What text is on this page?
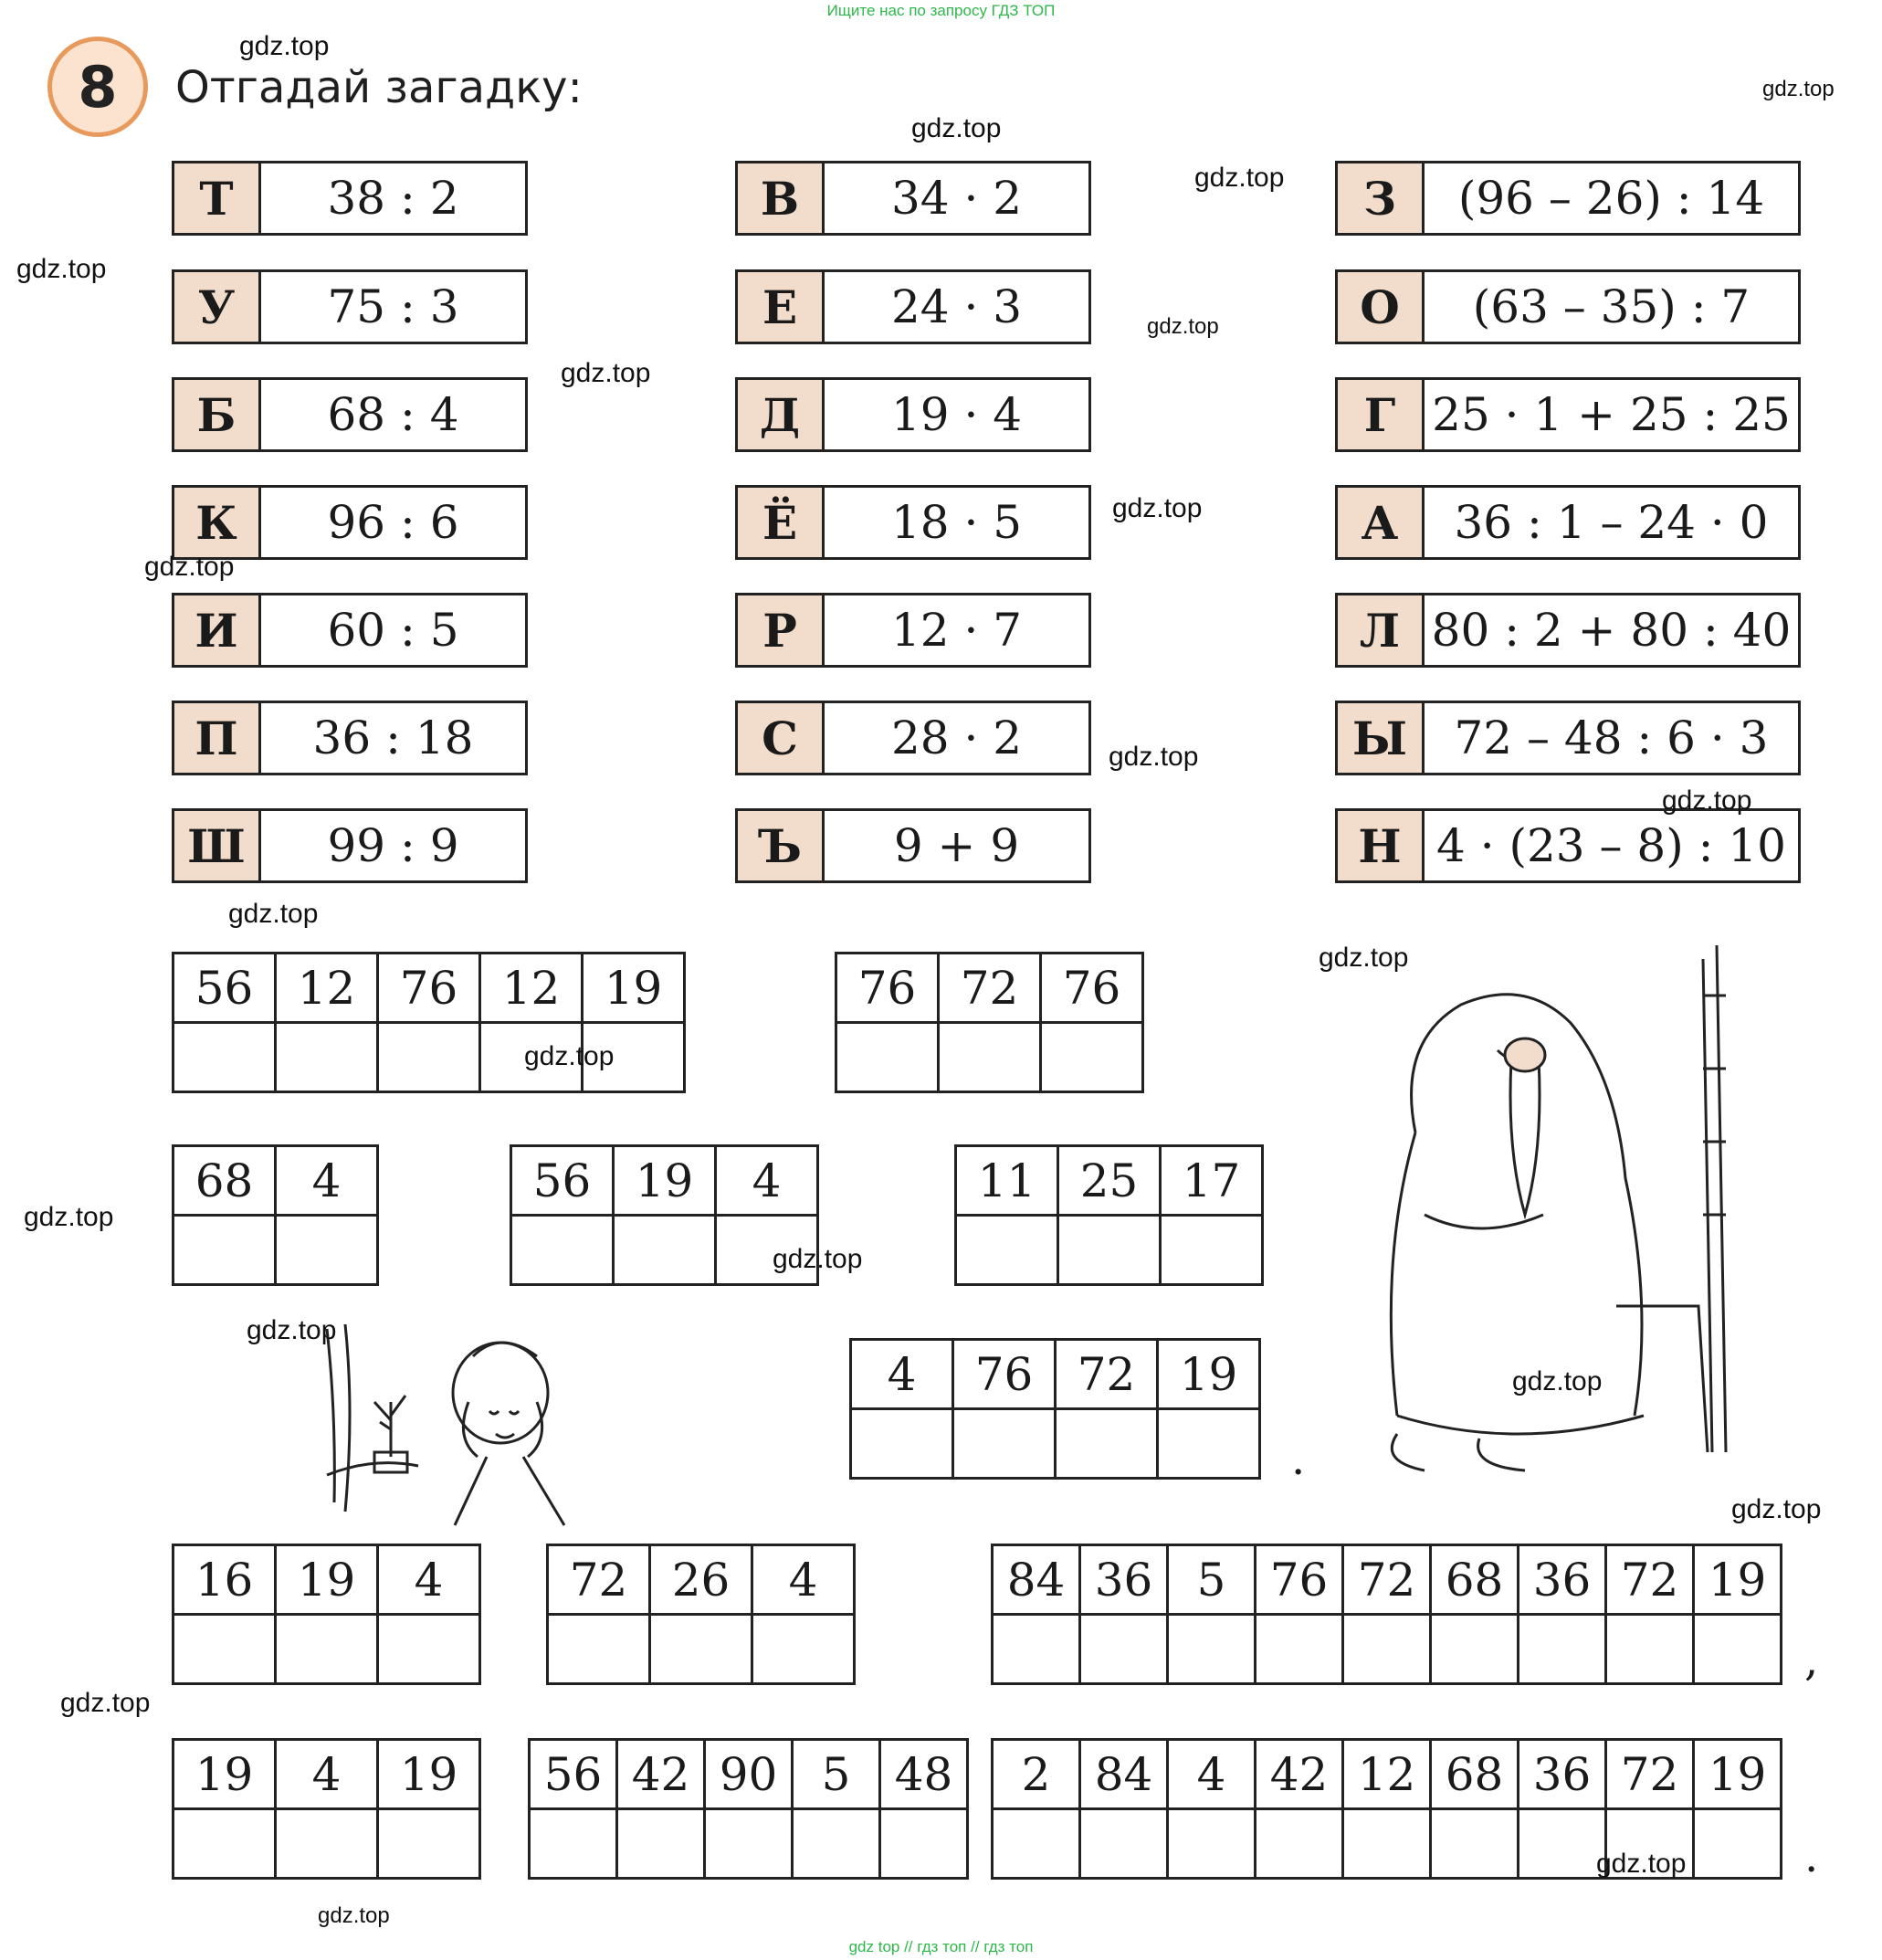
Ищите нас по запросу ГДЗ ТОП
8 Отгадай загадку:
Т	38 : 2
У	75 : 3
Б	68 : 4
К	96 : 6
И	60 : 5
П	36 : 18
Ш	99 : 9
В	34 · 2
Е	24 · 3
Д	19 · 4
Ё	18 · 5
Р	12 · 7
С	28 · 2
Ъ	9 + 9
З	(96 – 26) : 14
О	(63 – 35) : 7
Г 25 · 1 + 25 : 25
А	36 : 1 – 24 · 0
Л 80 : 2 + 80 : 40
Ы	72 – 48 : 6 · 3
Н 4 · (23 – 8) : 10
56	12	76	12	19
					76	72	76

68	4
		56	19	4
			11	25	17

4	76	72	19

.
16	19	4
			72	26	4
			84	36	5	76	72	68	36	72	19

,
19	4	19
		56	42	90	5	48
				2	84	4	42	12	68	36	72	19

.
gdz.top
gdz.top
gdz.top
gdz.top
gdz.top
gdz.top
gdz.top
gdz.top
gdz.top
gdz.top
gdz.top
gdz.top
gdz.top
gdz.top
gdz.top
gdz.top
gdz.top
gdz.top
gdz.top
gdz.top
gdz.top
gdz.top
gdz top // гдз топ // гдз топ
